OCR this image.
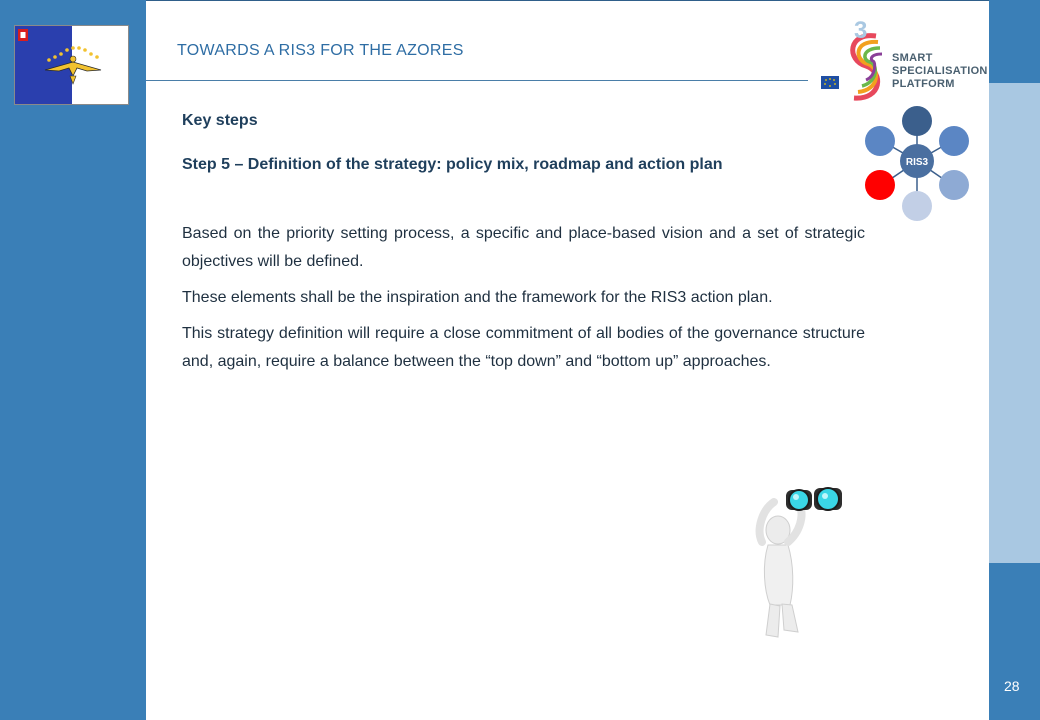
TOWARDS A RIS3 FOR THE AZORES
3
SMART
SPECIALISATION
PLATFORM
RIS3
Key steps
Step 5 – Definition of the strategy: policy mix, roadmap and action plan

Based on the priority setting process, a specific and place-based vision and a set of strategic objectives will be defined.

These elements shall be the inspiration and the framework for the RIS3 action plan.

This strategy definition will require a close commitment of all bodies of the governance structure and, again, require a balance between the “top down” and “bottom up” approaches.

28
